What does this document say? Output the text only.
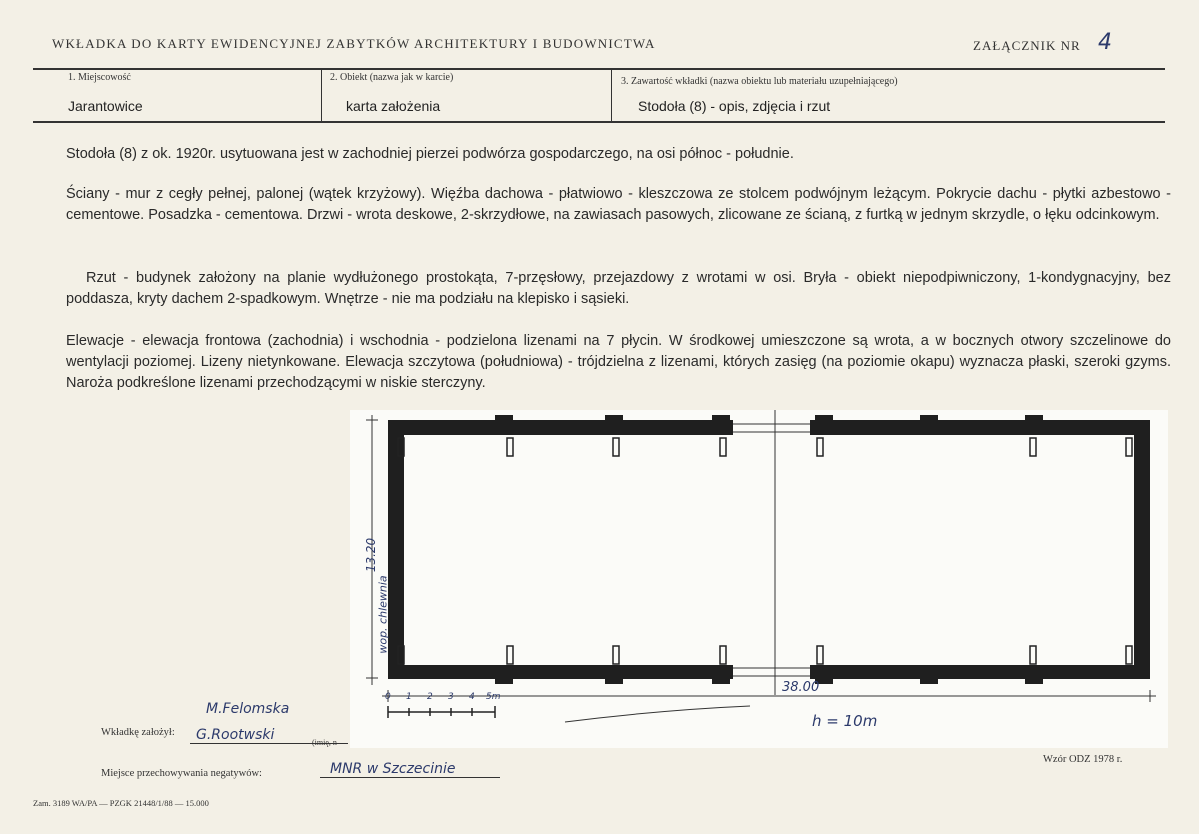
WKŁADKA DO KARTY EWIDENCYJNEJ ZABYTKÓW ARCHITEKTURY I BUDOWNICTWA	ZAŁĄCZNIK NR 4
1. Miejscowość
Jarantowice
2. Obiekt (nazwa jak w karcie)
karta założenia
3. Zawartość wkładki (nazwa obiektu lub materiału uzupełniającego)
Stodoła (8) - opis, zdjęcia i rzut
Stodoła (8) z ok. 1920r. usytuowana jest w zachodniej pierzei podwórza gospodarczego, na osi północ - południe.
Ściany - mur z cegły pełnej, palonej (wątek krzyżowy). Więźba dachowa - płatwiowo - kleszczowa ze stolcem podwójnym leżącym. Pokrycie dachu - płytki azbestowo - cementowe. Posadzka - cementowa. Drzwi - wrota deskowe, 2-skrzydłowe, na zawiasach pasowych, zlicowane ze ścianą, z furtką w jednym skrzydle, o łęku odcinkowym.
Rzut - budynek założony na planie wydłużonego prostokąta, 7-przęsłowy, przejazdowy z wrotami w osi. Bryła - obiekt niepodpiwniczony, 1-kondygnacyjny, bez poddasza, kryty dachem 2-spadkowym. Wnętrze - nie ma podziału na klepisko i sąsieki.
Elewacje - elewacja frontowa (zachodnia) i wschodnia - podzielona lizenami na 7 płycin. W środkowej umieszczone są wrota, a w bocznych otwory szczelinowe do wentylacji poziomej. Lizeny nietynkowane. Elewacja szczytowa (południowa) - trójdzielna z lizenami, których zasięg (na poziomie okapu) wyznacza płaski, szeroki gzyms. Naroża podkreślone lizenami przechodzącymi w niskie sterczyny.
38.00
13.20
wop. chlewnia
h = 10m
0 1 2 3 4 5m
Wkładkę założył:
M.Felomska
G.Rootwski	(imię, n
Wzór ODZ 1978 r.
Miejsce przechowywania negatywów:	MNR w Szczecinie
Zam. 3189 WA/PA — PZGK 21448/1/88 — 15.000
